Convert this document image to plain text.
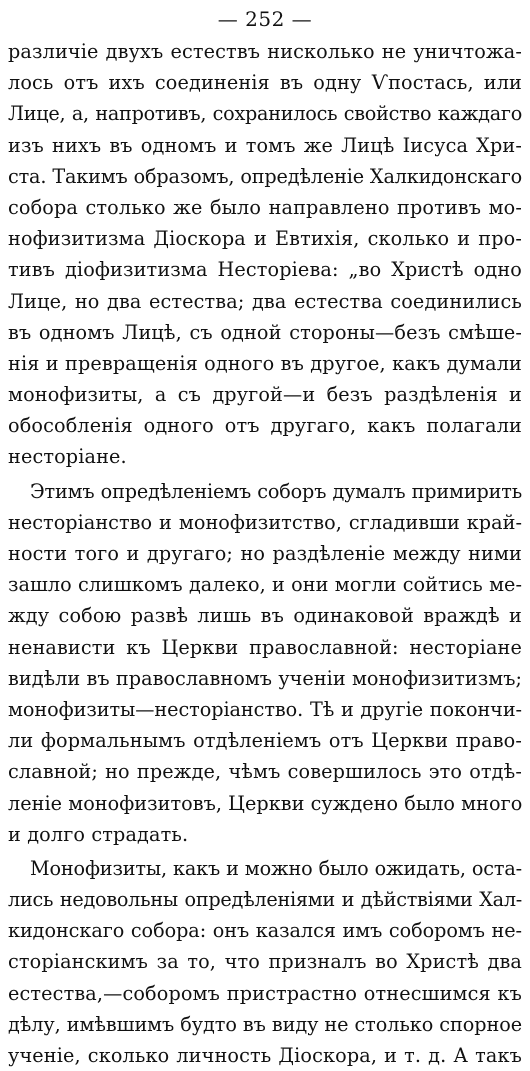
— 252 —
различіе двухъ естествъ нисколько не уничтожа-
лось отъ ихъ соединенія въ одну Ѵпостась, или
Лице, а, напротивъ, сохранилось свойство каждаго
изъ нихъ въ одномъ и томъ же Лицѣ Іисуса Хри-
ста. Такимъ образомъ, опредѣленіе Халкидонскаго
собора столько же было направлено противъ мо-
нофизитизма Діоскора и Евтихія, сколько и про-
тивъ діофизитизма Несторіева: „во Христѣ одно
Лице, но два естества; два естества соединились
въ одномъ Лицѣ, съ одной стороны—безъ смѣше-
нія и превращенія одного въ другое, какъ думали
монофизиты, а съ другой—и безъ раздѣленія и
обособленія одного отъ другаго, какъ полагали
несторіане.
Этимъ опредѣленіемъ соборъ думалъ примирить
несторіанство и монофизитство, сгладивши край-
ности того и другаго; но раздѣленіе между ними
зашло слишкомъ далеко, и они могли сойтись ме-
жду собою развѣ лишь въ одинаковой враждѣ и
ненависти къ Церкви православной: несторіане
видѣли въ православномъ ученіи монофизитизмъ;
монофизиты—несторіанство. Тѣ и другіе покончи-
ли формальнымъ отдѣленіемъ отъ Церкви право-
славной; но прежде, чѣмъ совершилось это отдѣ-
леніе монофизитовъ, Церкви суждено было много
и долго страдать.
Монофизиты, какъ и можно было ожидать, оста-
лись недовольны опредѣленіями и дѣйствіями Хал-
кидонскаго собора: онъ казался имъ соборомъ не-
сторіанскимъ за то, что призналъ во Христѣ два
естества,—соборомъ пристрастно отнесшимся къ
дѣлу, имѣвшимъ будто въ виду не столько спорное
ученіе, сколько личность Діоскора, и т. д. А такъ
